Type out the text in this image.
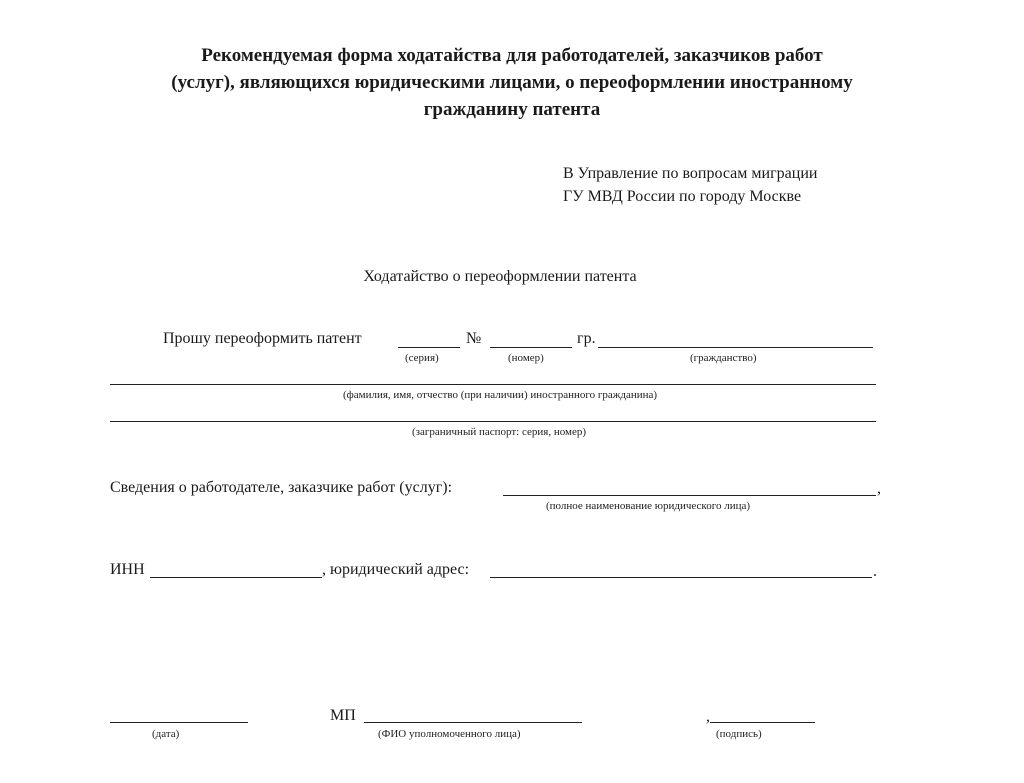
Рекомендуемая форма ходатайства для работодателей, заказчиков работ
(услуг), являющихся юридическими лицами, о переоформлении иностранному
гражданину патента
В Управление по вопросам миграции
ГУ МВД России по городу Москве
Ходатайство о переоформлении патента
Прошу переоформить патент	№	гр.
(серия)	(номер)	(гражданство)
(фамилия, имя, отчество (при наличии) иностранного гражданина)
(заграничный паспорт: серия, номер)
Сведения о работодателе, заказчике работ (услуг):	,
(полное наименование юридического лица)
ИНН	, юридический адрес:	.
(дата)
МП
(ФИО уполномоченного лица)
,
(подпись)
